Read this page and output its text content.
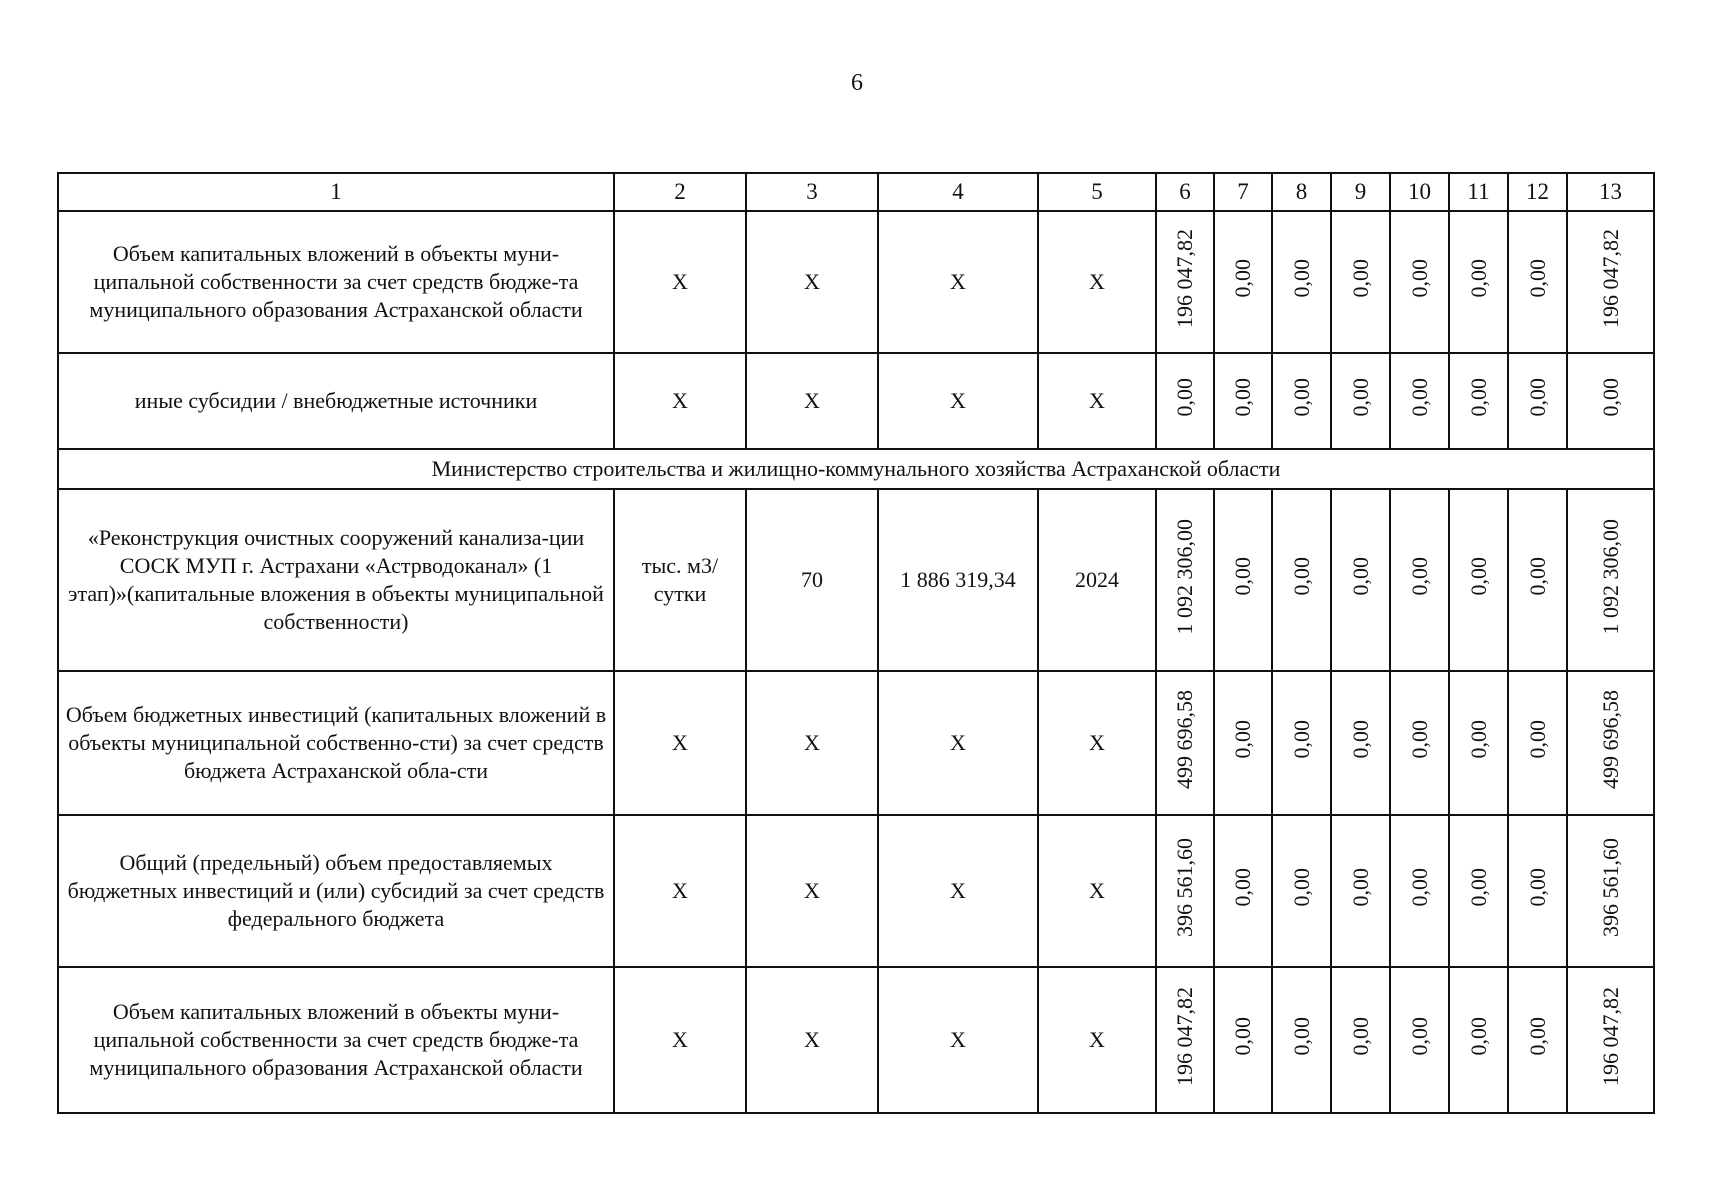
6
1	2	3	4	5	6	7	8	9	10	11	12	13
Объем капитальных вложений в объекты муни-ципальной собственности за счет средств бюдже-та муниципального образования Астраханской области	X	X	X	X	196 047,82	0,00	0,00	0,00	0,00	0,00	0,00	196 047,82
иные субсидии / внебюджетные источники	X	X	X	X	0,00	0,00	0,00	0,00	0,00	0,00	0,00	0,00
Министерство строительства и жилищно-коммунального хозяйства Астраханской области												
«Реконструкция очистных сооружений канализа-ции СОСК МУП г. Астрахани «Астрводоканал» (1 этап)»(капитальные вложения в объекты муниципальной собственности)	тыс. м3/сутки	70	1 886 319,34	2024	1 092 306,00	0,00	0,00	0,00	0,00	0,00	0,00	1 092 306,00
Объем бюджетных инвестиций (капитальных вложений в объекты муниципальной собственно-сти) за счет средств бюджета Астраханской обла-сти	X	X	X	X	499 696,58	0,00	0,00	0,00	0,00	0,00	0,00	499 696,58
Общий (предельный) объем предоставляемых бюджетных инвестиций и (или) субсидий за счет средств федерального бюджета	X	X	X	X	396 561,60	0,00	0,00	0,00	0,00	0,00	0,00	396 561,60
Объем капитальных вложений в объекты муни-ципальной собственности за счет средств бюдже-та муниципального образования Астраханской области	X	X	X	X	196 047,82	0,00	0,00	0,00	0,00	0,00	0,00	196 047,82
